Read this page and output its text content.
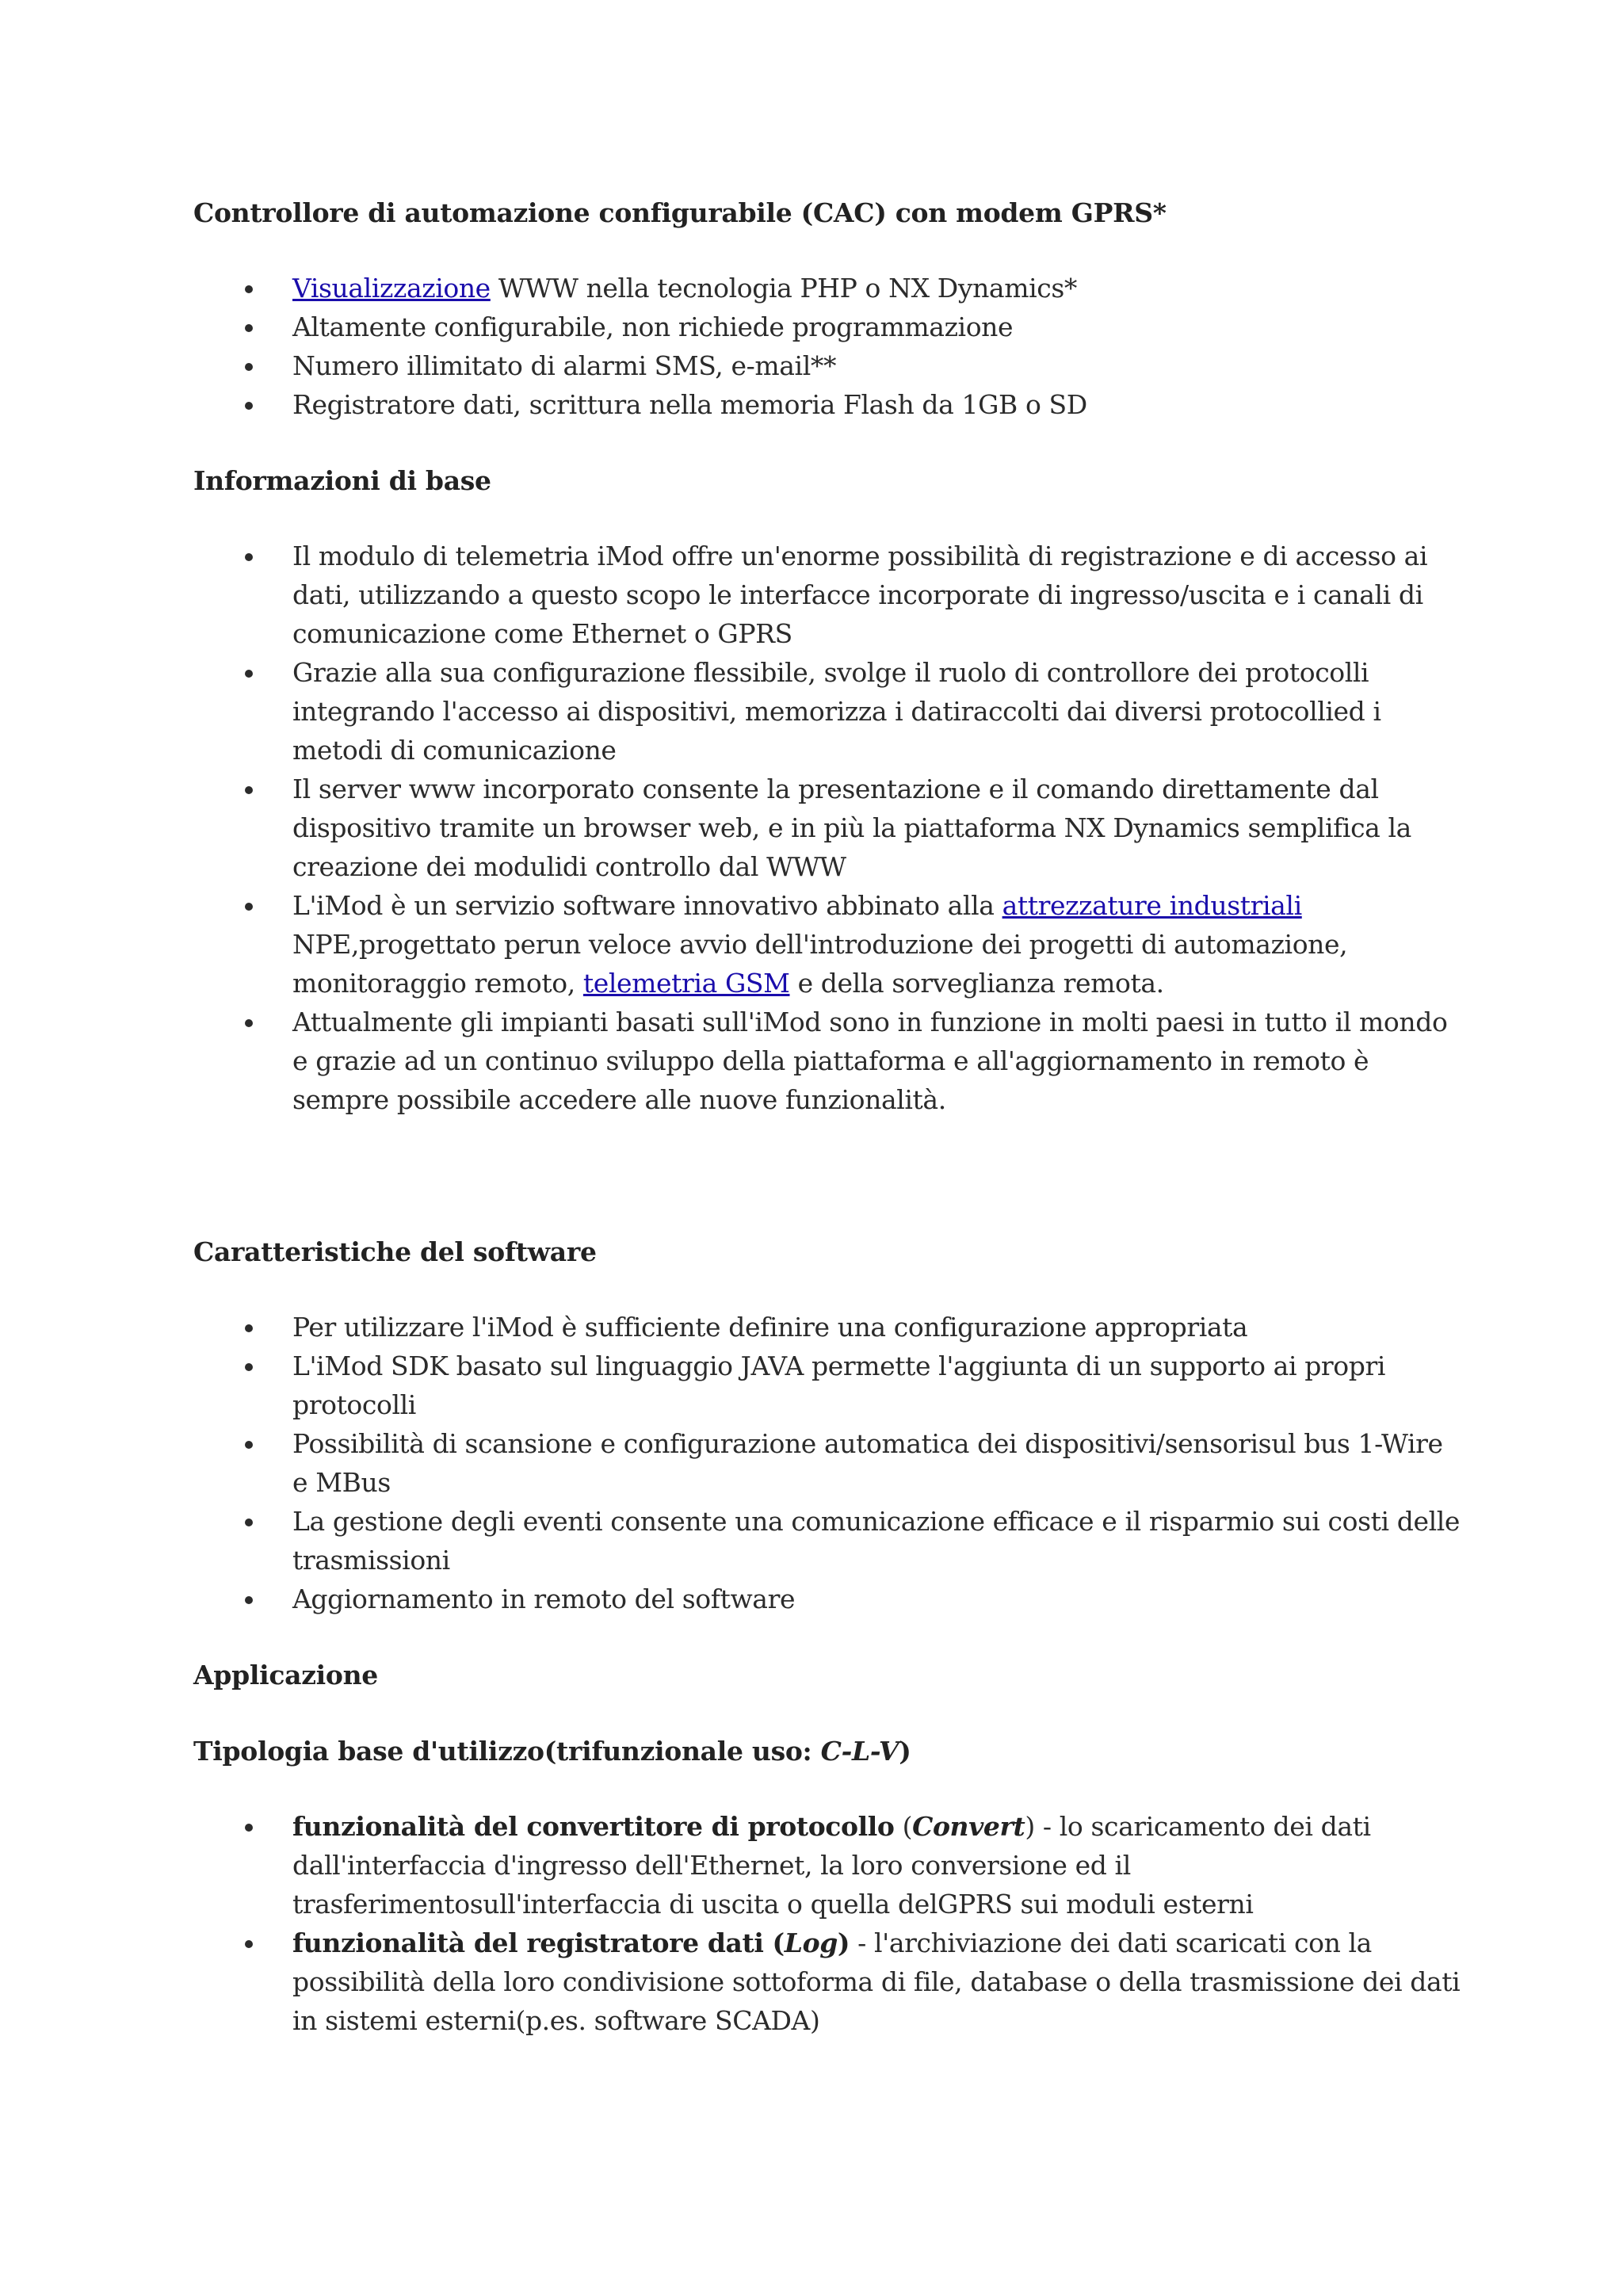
Controllore di automazione configurabile (CAC) con modem GPRS*
Visualizzazione WWW nella tecnologia PHP o NX Dynamics*
Altamente configurabile, non richiede programmazione
Numero illimitato di alarmi SMS, e-mail**
Registratore dati, scrittura nella memoria Flash da 1GB o SD
Informazioni di base
Il modulo di telemetria iMod offre un'enorme possibilità di registrazione e di accesso ai dati, utilizzando a questo scopo le interfacce incorporate di ingresso/uscita e i canali di comunicazione come Ethernet o GPRS
Grazie alla sua configurazione flessibile, svolge il ruolo di controllore dei protocolli integrando l'accesso ai dispositivi, memorizza i datiraccolti dai diversi protocollied i metodi di comunicazione
Il server www incorporato consente la presentazione e il comando direttamente dal dispositivo tramite un browser web, e in più la piattaforma NX Dynamics semplifica la creazione dei modulidi controllo dal WWW
L'iMod è un servizio software innovativo abbinato alla attrezzature industriali NPE,progettato perun veloce avvio dell'introduzione dei progetti di automazione, monitoraggio remoto, telemetria GSM e della sorveglianza remota.
Attualmente gli impianti basati sull'iMod sono in funzione in molti paesi in tutto il mondo e grazie ad un continuo sviluppo della piattaforma e all'aggiornamento in remoto è sempre possibile accedere alle nuove funzionalità.
Caratteristiche del software
Per utilizzare l'iMod è sufficiente definire una configurazione appropriata
L'iMod SDK basato sul linguaggio JAVA permette l'aggiunta di un supporto ai propri protocolli
Possibilità di scansione e configurazione automatica dei dispositivi/sensorisul bus 1-Wire e MBus
La gestione degli eventi consente una comunicazione efficace e il risparmio sui costi delle trasmissioni
Aggiornamento in remoto del software
Applicazione
Tipologia base d'utilizzo(trifunzionale uso: C-L-V)
funzionalità del convertitore di protocollo (Convert) - lo scaricamento dei dati dall'interfaccia d'ingresso dell'Ethernet, la loro conversione ed il trasferimentosull'interfaccia di uscita o quella delGPRS sui moduli esterni
funzionalità del registratore dati (Log) - l'archiviazione dei dati scaricati con la possibilità della loro condivisione sottoforma di file, database o della trasmissione dei dati in sistemi esterni(p.es. software SCADA)
